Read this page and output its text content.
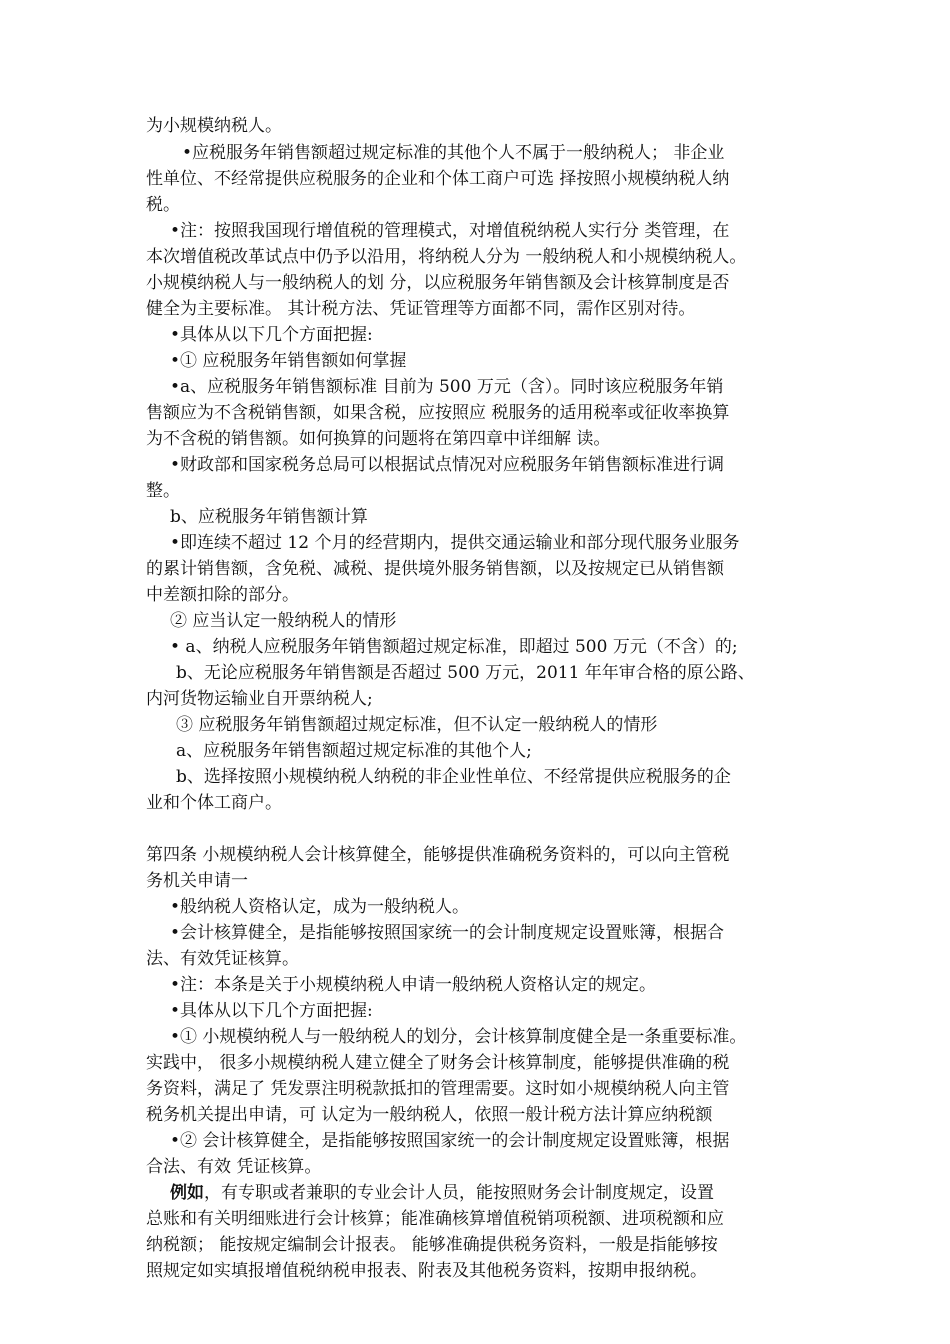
为小规模纳税人。

•应税服务年销售额超过规定标准的其他个人不属于一般纳税人； 非企业

性单位、不经常提供应税服务的企业和个体工商户可选 择按照小规模纳税人纳

税。

•注：按照我国现行增值税的管理模式，对增值税纳税人实行分 类管理，在

本次增值税改革试点中仍予以沿用，将纳税人分为 一般纳税人和小规模纳税人。

小规模纳税人与一般纳税人的划 分，以应税服务年销售额及会计核算制度是否

健全为主要标准。 其计税方法、凭证管理等方面都不同，需作区别对待。

•具体从以下几个方面把握:

•① 应税服务年销售额如何掌握

•a、应税服务年销售额标准 目前为 500 万元（含）。同时该应税服务年销

售额应为不含税销售额，如果含税，应按照应 税服务的适用税率或征收率换算

为不含税的销售额。如何换算的问题将在第四章中详细解 读。

•财政部和国家税务总局可以根据试点情况对应税服务年销售额标准进行调

整。

b、应税服务年销售额计算

•即连续不超过 12 个月的经营期内，提供交通运输业和部分现代服务业服务

的累计销售额，含免税、减税、提供境外服务销售额，以及按规定已从销售额

中差额扣除的部分。

② 应当认定一般纳税人的情形

• a、纳税人应税服务年销售额超过规定标准，即超过 500 万元（不含）的;

b、无论应税服务年销售额是否超过 500 万元，2011 年年审合格的原公路、

内河货物运输业自开票纳税人;

③ 应税服务年销售额超过规定标准，但不认定一般纳税人的情形

a、应税服务年销售额超过规定标准的其他个人;

b、选择按照小规模纳税人纳税的非企业性单位、不经常提供应税服务的企

业和个体工商户。

第四条 小规模纳税人会计核算健全，能够提供准确税务资料的，可以向主管税

务机关申请一

•般纳税人资格认定，成为一般纳税人。

•会计核算健全，是指能够按照国家统一的会计制度规定设置账簿，根据合

法、有效凭证核算。

•注：本条是关于小规模纳税人申请一般纳税人资格认定的规定。

•具体从以下几个方面把握:

•① 小规模纳税人与一般纳税人的划分，会计核算制度健全是一条重要标准。

实践中， 很多小规模纳税人建立健全了财务会计核算制度，能够提供准确的税

务资料，满足了 凭发票注明税款抵扣的管理需要。这时如小规模纳税人向主管

税务机关提出申请，可 认定为一般纳税人，依照一般计税方法计算应纳税额

•② 会计核算健全，是指能够按照国家统一的会计制度规定设置账簿，根据

合法、有效 凭证核算。

例如，有专职或者兼职的专业会计人员，能按照财务会计制度规定，设置

总账和有关明细账进行会计核算；能准确核算增值税销项税额、进项税额和应

纳税额； 能按规定编制会计报表。 能够准确提供税务资料，一般是指能够按

照规定如实填报增值税纳税申报表、附表及其他税务资料，按期申报纳税。
